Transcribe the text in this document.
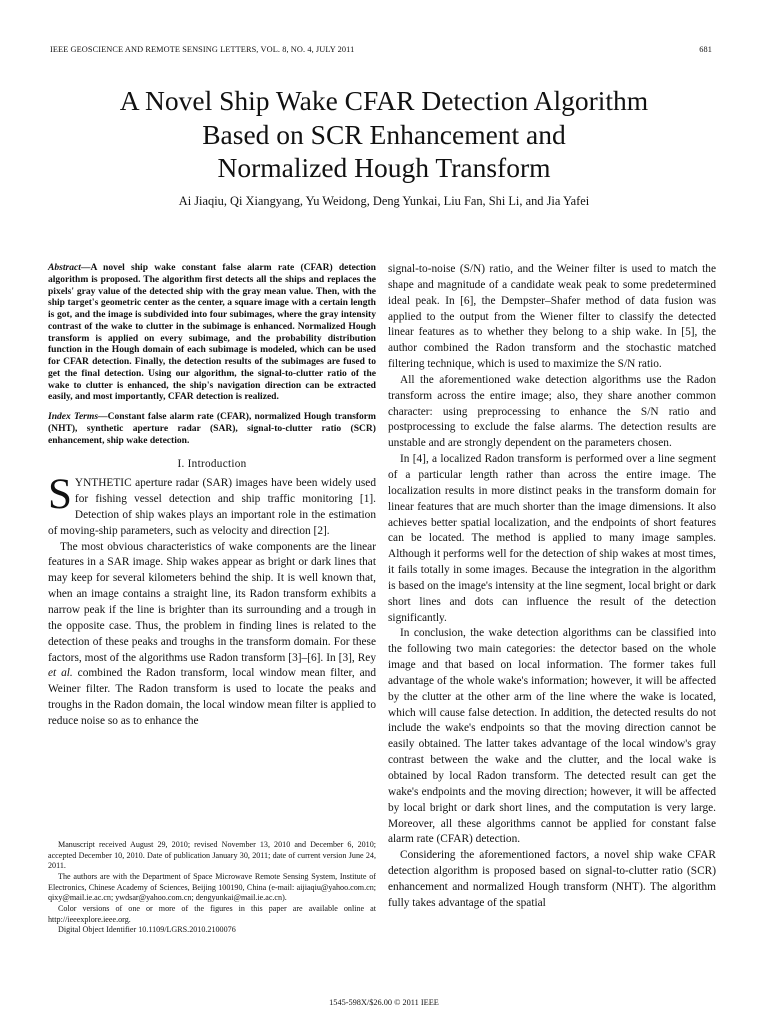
IEEE GEOSCIENCE AND REMOTE SENSING LETTERS, VOL. 8, NO. 4, JULY 2011	681
A Novel Ship Wake CFAR Detection Algorithm
Based on SCR Enhancement and
Normalized Hough Transform
Ai Jiaqiu, Qi Xiangyang, Yu Weidong, Deng Yunkai, Liu Fan, Shi Li, and Jia Yafei

Abstract—A novel ship wake constant false alarm rate (CFAR) detection algorithm is proposed. The algorithm first detects all the ships and replaces the pixels' gray value of the detected ship with the gray mean value. Then, with the ship target's geometric center as the center, a square image with a certain length is got, and the image is subdivided into four subimages, where the gray intensity contrast of the wake to clutter in the subimage is enhanced. Normalized Hough transform is applied on every subimage, and the probability distribution function in the Hough domain of each subimage is modeled, which can be used for CFAR detection. Finally, the detection results of the subimages are fused to get the final detection. Using our algorithm, the signal-to-clutter ratio of the wake to clutter is enhanced, the ship's navigation direction can be extracted easily, and most importantly, CFAR detection is realized.

Index Terms—Constant false alarm rate (CFAR), normalized Hough transform (NHT), synthetic aperture radar (SAR), signal-to-clutter ratio (SCR) enhancement, ship wake detection.

I. Introduction

SYNTHETIC aperture radar (SAR) images have been widely used for fishing vessel detection and ship traffic monitoring [1]. Detection of ship wakes plays an important role in the estimation of moving-ship parameters, such as velocity and direction [2].

The most obvious characteristics of wake components are the linear features in a SAR image. Ship wakes appear as bright or dark lines that may keep for several kilometers behind the ship. It is well known that, when an image contains a straight line, its Radon transform exhibits a narrow peak if the line is brighter than its surrounding and a trough in the opposite case. Thus, the problem in finding lines is related to the detection of these peaks and troughs in the transform domain. For these factors, most of the algorithms use Radon transform [3]–[6]. In [3], Rey et al. combined the Radon transform, local window mean filter, and Weiner filter. The Radon transform is used to locate the peaks and troughs in the Radon domain, the local window mean filter is applied to reduce noise so as to enhance the

Manuscript received August 29, 2010; revised November 13, 2010 and December 6, 2010; accepted December 10, 2010. Date of publication January 30, 2011; date of current version June 24, 2011.

The authors are with the Department of Space Microwave Remote Sensing System, Institute of Electronics, Chinese Academy of Sciences, Beijing 100190, China (e-mail: aijiaqiu@yahoo.com.cn; qixy@mail.ie.ac.cn; ywdsar@yahoo.com.cn; dengyunkai@mail.ie.ac.cn).

Color versions of one or more of the figures in this paper are available online at http://ieeexplore.ieee.org.

Digital Object Identifier 10.1109/LGRS.2010.2100076

signal-to-noise (S/N) ratio, and the Weiner filter is used to match the shape and magnitude of a candidate weak peak to some predetermined ideal peak. In [6], the Dempster–Shafer method of data fusion was applied to the output from the Wiener filter to classify the detected linear features as to whether they belong to a ship wake. In [5], the author combined the Radon transform and the stochastic matched filtering technique, which is used to maximize the S/N ratio.

All the aforementioned wake detection algorithms use the Radon transform across the entire image; also, they share another common character: using preprocessing to enhance the S/N ratio and postprocessing to exclude the false alarms. The detection results are unstable and are strongly dependent on the parameters chosen.

In [4], a localized Radon transform is performed over a line segment of a particular length rather than across the entire image. The localization results in more distinct peaks in the transform domain for linear features that are much shorter than the image dimensions. It also achieves better spatial localization, and the endpoints of short features can be located. The method is applied to many image samples. Although it performs well for the detection of ship wakes at most times, it fails totally in some images. Because the integration in the algorithm is based on the image's intensity at the line segment, local bright or dark short lines and dots can influence the result of the detection significantly.

In conclusion, the wake detection algorithms can be classified into the following two main categories: the detector based on the whole image and that based on local information. The former takes full advantage of the whole wake's information; however, it will be affected by the clutter at the other arm of the line where the wake is located, which will cause false detection. In addition, the detected results do not include the wake's endpoints so that the moving direction cannot be easily obtained. The latter takes advantage of the local window's gray contrast between the wake and the clutter, and the local wake is obtained by local Radon transform. The detected result can get the wake's endpoints and the moving direction; however, it will be affected by local bright or dark short lines, and the computation is very large. Moreover, all these algorithms cannot be applied for constant false alarm rate (CFAR) detection.

Considering the aforementioned factors, a novel ship wake CFAR detection algorithm is proposed based on signal-to-clutter ratio (SCR) enhancement and normalized Hough transform (NHT). The algorithm fully takes advantage of the spatial

1545-598X/$26.00 © 2011 IEEE
